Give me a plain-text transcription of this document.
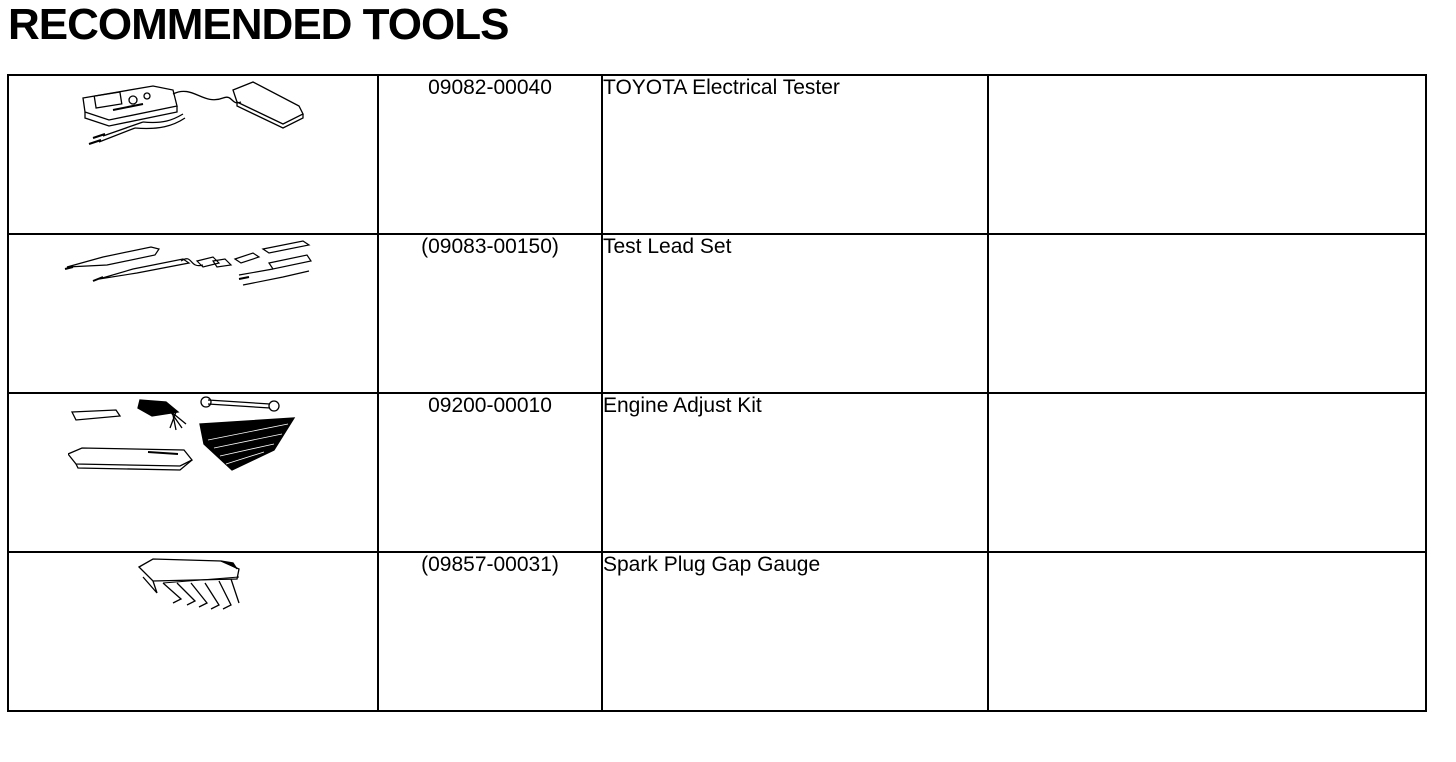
RECOMMENDED TOOLS

09082-00040	TOYOTA Electrical Tester	

(09083-00150)	Test Lead Set	

09200-00010	Engine Adjust Kit	

(09857-00031)	Spark Plug Gap Gauge	
